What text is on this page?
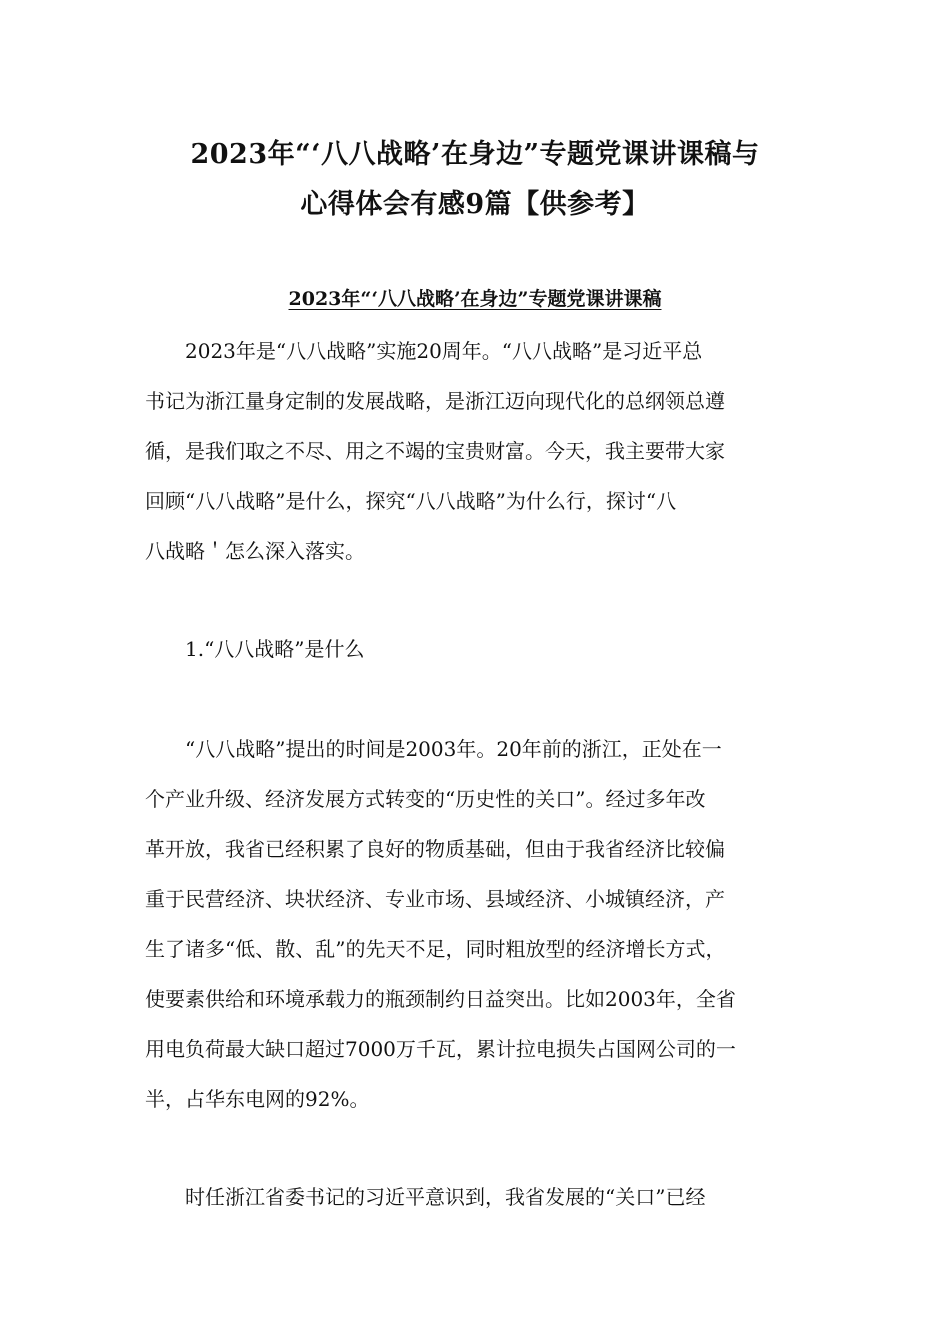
2023年“‘八八战略’在身边”专题党课讲课稿与
心得体会有感9篇【供参考】
2023年“‘八八战略’在身边”专题党课讲课稿
　　2023年是“八八战略”实施20周年。“八八战略”是习近平总
书记为浙江量身定制的发展战略，是浙江迈向现代化的总纲领总遵
循，是我们取之不尽、用之不竭的宝贵财富。今天，我主要带大家
回顾“八八战略”是什么，探究“八八战略”为什么行，探讨“八
八战略＇怎么深入落实。
　　1.“八八战略”是什么
　　“八八战略”提出的时间是2003年。20年前的浙江，正处在一
个产业升级、经济发展方式转变的“历史性的关口”。经过多年改
革开放，我省已经积累了良好的物质基础，但由于我省经济比较偏
重于民营经济、块状经济、专业市场、县域经济、小城镇经济，产
生了诸多“低、散、乱”的先天不足，同时粗放型的经济增长方式，
使要素供给和环境承载力的瓶颈制约日益突出。比如2003年，全省
用电负荷最大缺口超过7000万千瓦，累计拉电损失占国网公司的一
半，占华东电网的92%。
　　时任浙江省委书记的习近平意识到，我省发展的“关口”已经
